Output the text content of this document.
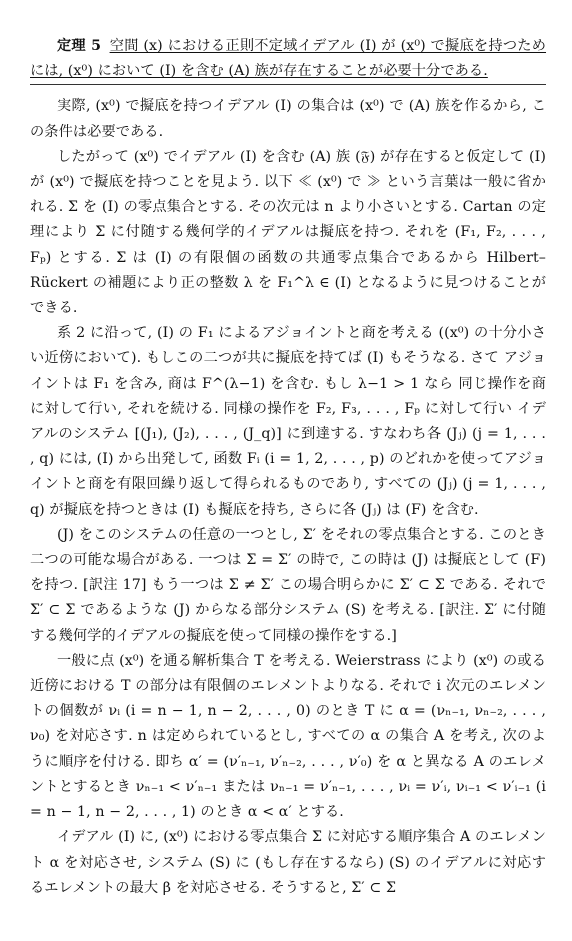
定理 5 空間 (x) における正則不定域イデアル (I) が (x⁰) で擬底を持つためには, (x⁰) において (I) を含む (A) 族が存在することが必要十分である.

実際, (x⁰) で擬底を持つイデアル (I) の集合は (x⁰) で (A) 族を作るから, この条件は必要である.

したがって (x⁰) でイデアル (I) を含む (A) 族 (𝔉) が存在すると仮定して (I) が (x⁰) で擬底を持つことを見よう. 以下 ≪ (x⁰) で ≫ という言葉は一般に省かれる. Σ を (I) の零点集合とする. その次元は n より小さいとする. Cartan の定理により Σ に付随する幾何学的イデアルは擬底を持つ. それを (F₁, F₂, . . . , Fₚ) とする. Σ は (I) の有限個の函数の共通零点集合であるから Hilbert–Rückert の補題により正の整数 λ を F₁^λ ∈ (I) となるように見つけることができる.

系 2 に沿って, (I) の F₁ によるアジョイントと商を考える ((x⁰) の十分小さい近傍において). もしこの二つが共に擬底を持てば (I) もそうなる. さて アジョイントは F₁ を含み, 商は F^(λ−1) を含む. もし λ−1 > 1 なら 同じ操作を商に対して行い, それを続ける. 同様の操作を F₂, F₃, . . . , Fₚ に対して行い イデアルのシステム [(J₁), (J₂), . . . , (J_q)] に到達する. すなわち各 (Jⱼ) (j = 1, . . . , q) には, (I) から出発して, 函数 Fᵢ (i = 1, 2, . . . , p) のどれかを使ってアジョイントと商を有限回繰り返して得られるものであり, すべての (Jⱼ) (j = 1, . . . , q) が擬底を持つときは (I) も擬底を持ち, さらに各 (Jⱼ) は (F) を含む.

(J) をこのシステムの任意の一つとし, Σ′ をそれの零点集合とする. このとき二つの可能な場合がある. 一つは Σ = Σ′ の時で, この時は (J) は擬底として (F) を持つ. [訳注 17] もう一つは Σ ≠ Σ′ この場合明らかに Σ′ ⊂ Σ である. それで Σ′ ⊂ Σ であるような (J) からなる部分システム (S) を考える. [訳注. Σ′ に付随する幾何学的イデアルの擬底を使って同様の操作をする.]

一般に点 (x⁰) を通る解析集合 T を考える. Weierstrass により (x⁰) の或る近傍における T の部分は有限個のエレメントよりなる. それで i 次元のエレメントの個数が νᵢ (i = n − 1, n − 2, . . . , 0) のとき T に α = (νₙ₋₁, νₙ₋₂, . . . , ν₀) を対応さす. n は定められているとし, すべての α の集合 A を考え, 次のように順序を付ける. 即ち α′ = (ν′ₙ₋₁, ν′ₙ₋₂, . . . , ν′₀) を α と異なる A のエレメントとするとき νₙ₋₁ < ν′ₙ₋₁ または νₙ₋₁ = ν′ₙ₋₁, . . . , νᵢ = ν′ᵢ, νᵢ₋₁ < ν′ᵢ₋₁ (i = n − 1, n − 2, . . . , 1) のとき α < α′ とする.

イデアル (I) に, (x⁰) における零点集合 Σ に対応する順序集合 A のエレメント α を対応させ, システム (S) に (もし存在するなら) (S) のイデアルに対応するエレメントの最大 β を対応させる. そうすると, Σ′ ⊂ Σ
